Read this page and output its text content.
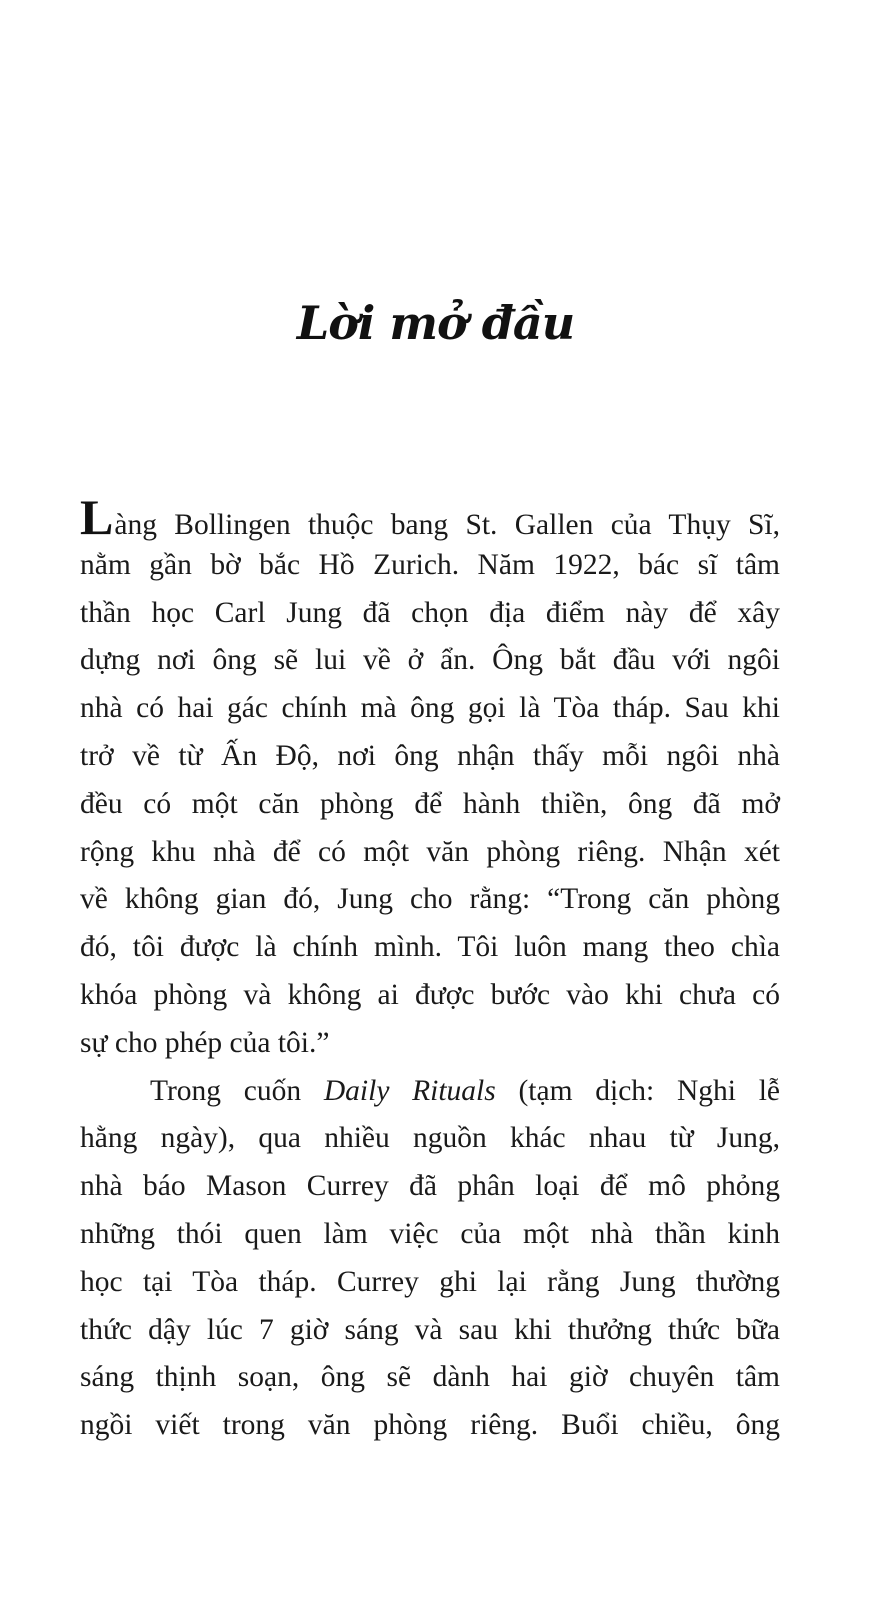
Lời mở đầu
Làng Bollingen thuộc bang St. Gallen của Thụy Sĩ,
nằm gần bờ bắc Hồ Zurich. Năm 1922, bác sĩ tâm
thần học Carl Jung đã chọn địa điểm này để xây
dựng nơi ông sẽ lui về ở ẩn. Ông bắt đầu với ngôi
nhà có hai gác chính mà ông gọi là Tòa tháp. Sau khi
trở về từ Ấn Độ, nơi ông nhận thấy mỗi ngôi nhà
đều có một căn phòng để hành thiền, ông đã mở
rộng khu nhà để có một văn phòng riêng. Nhận xét
về không gian đó, Jung cho rằng: “Trong căn phòng
đó, tôi được là chính mình. Tôi luôn mang theo chìa
khóa phòng và không ai được bước vào khi chưa có
sự cho phép của tôi.”
Trong cuốn Daily Rituals (tạm dịch: Nghi lễ
hằng ngày), qua nhiều nguồn khác nhau từ Jung,
nhà báo Mason Currey đã phân loại để mô phỏng
những thói quen làm việc của một nhà thần kinh
học tại Tòa tháp. Currey ghi lại rằng Jung thường
thức dậy lúc 7 giờ sáng và sau khi thưởng thức bữa
sáng thịnh soạn, ông sẽ dành hai giờ chuyên tâm
ngồi viết trong văn phòng riêng. Buổi chiều, ông
